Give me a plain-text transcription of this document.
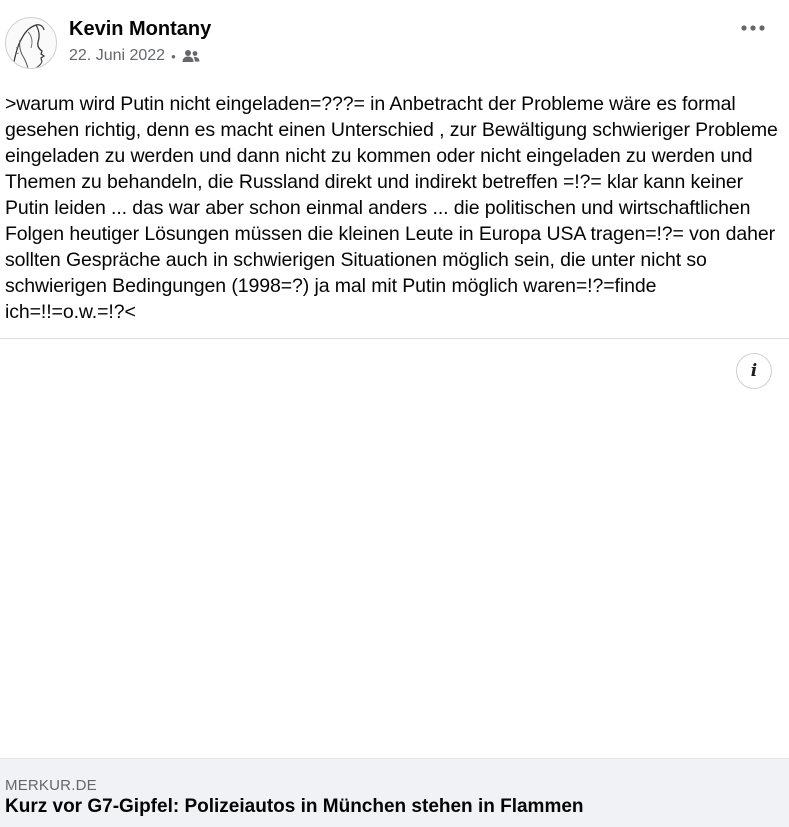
Kevin Montany
22. Juni 2022 •
>warum wird Putin nicht eingeladen=???= in Anbetracht der Probleme wäre es formal gesehen richtig, denn es macht einen Unterschied , zur Bewältigung schwieriger Probleme eingeladen zu werden und dann nicht zu kommen oder nicht eingeladen zu werden und Themen zu behandeln, die Russland direkt und indirekt betreffen =!?= klar kann keiner Putin leiden ... das war aber schon einmal anders ... die politischen und wirtschaftlichen Folgen heutiger Lösungen müssen die kleinen Leute in Europa USA tragen=!?= von daher sollten Gespräche auch in schwierigen Situationen möglich sein, die unter nicht so schwierigen Bedingungen (1998=?) ja mal mit Putin möglich waren=!?=finde ich=!!=o.w.=!?<
i
MERKUR.DE
Kurz vor G7-Gipfel: Polizeiautos in München stehen in Flammen
